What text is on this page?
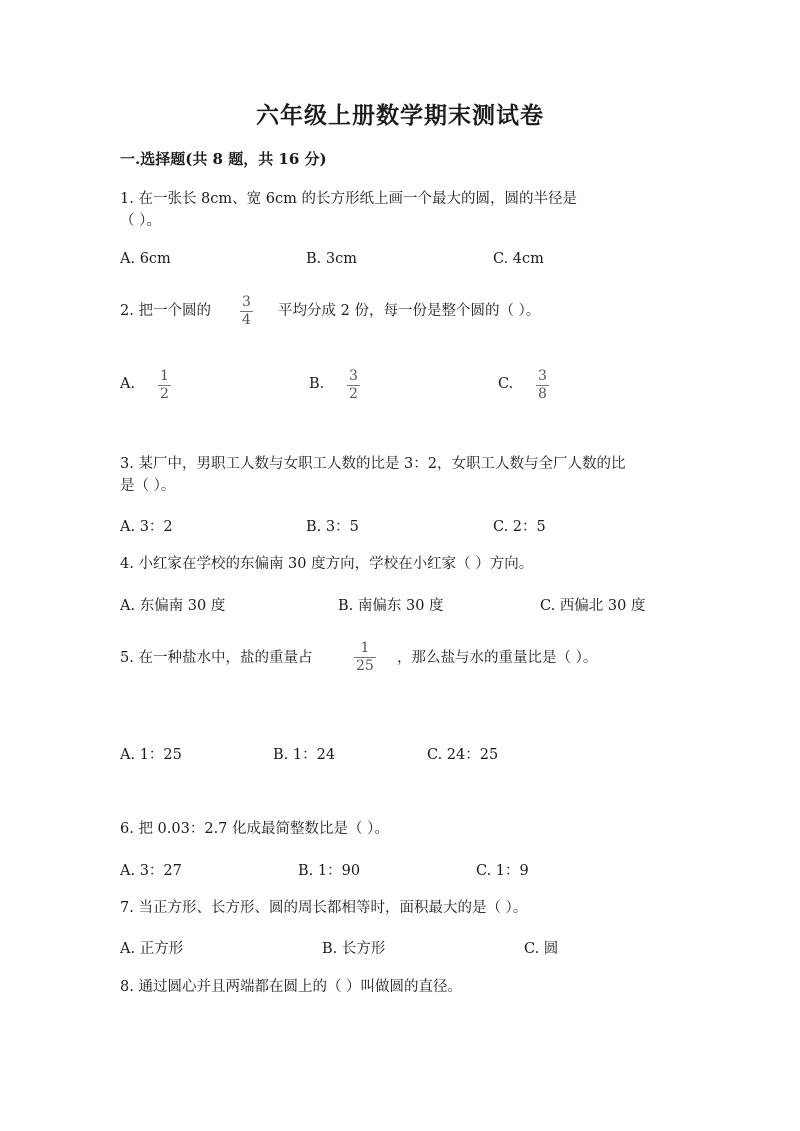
六年级上册数学期末测试卷
一.选择题(共 8 题，共 16 分)
1. 在一张长 8cm、宽 6cm 的长方形纸上画一个最大的圆，圆的半径是
（ ）。
A. 6cm	B. 3cm	C. 4cm
2. 把一个圆的
3
4
平均分成 2 份，每一份是整个圆的（ ）。
A. 1
2
B. 3
2
C. 3
8
3. 某厂中，男职工人数与女职工人数的比是 3：2，女职工人数与全厂人数的比
是（ ）。
A. 3：2	B. 3：5	C. 2：5
4. 小红家在学校的东偏南 30 度方向，学校在小红家（ ）方向。
A. 东偏南 30 度	B. 南偏东 30 度	C. 西偏北 30 度
5. 在一种盐水中，盐的重量占
1
25 ，那么盐与水的重量比是（ ）。
A. 1：25	B. 1：24	C. 24：25
6. 把 0.03：2.7 化成最简整数比是（ ）。
A. 3：27	B. 1：90	C. 1：9
7. 当正方形、长方形、圆的周长都相等时，面积最大的是（ ）。
A. 正方形	B. 长方形	C. 圆
8. 通过圆心并且两端都在圆上的（ ）叫做圆的直径。
